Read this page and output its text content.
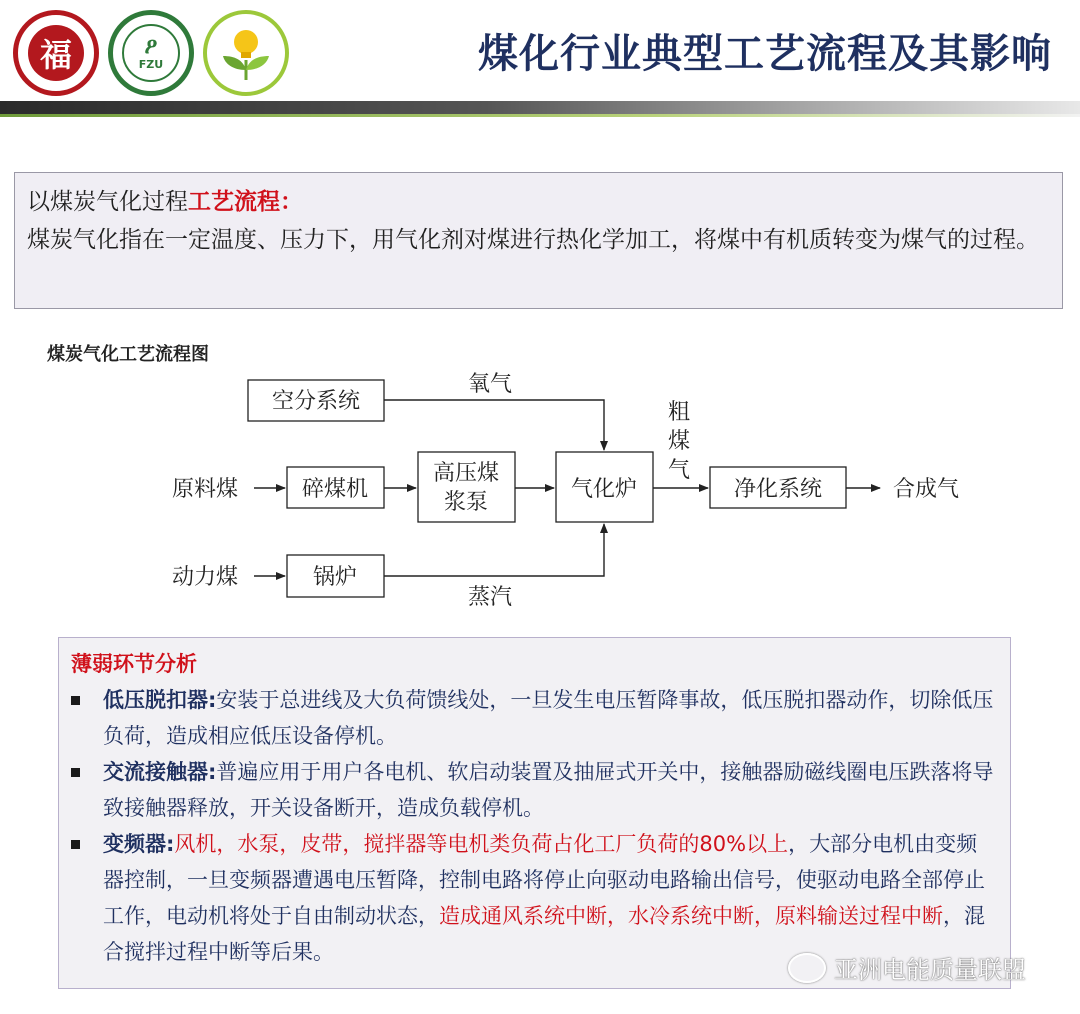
福	ዖ
FZU	煤化行业典型工艺流程及其影响
以煤炭气化过程工艺流程：
煤炭气化指在一定温度、压力下，用气化剂对煤进行热化学加工，将煤中有机质转变为煤气的过程。
煤炭气化工艺流程图
空分系统
碎煤机
高压煤
浆泵
气化炉	净化系统
锅炉
原料煤
动力煤
氧气
蒸汽
粗
煤
气
合成气
薄弱环节分析
低压脱扣器:安装于总进线及大负荷馈线处，一旦发生电压暂降事故，低压脱扣器动作，切除低压负荷，造成相应低压设备停机。
交流接触器:普遍应用于用户各电机、软启动装置及抽屉式开关中，接触器励磁线圈电压跌落将导致接触器释放，开关设备断开，造成负载停机。
变频器:风机，水泵，皮带，搅拌器等电机类负荷占化工厂负荷的80%以上，大部分电机由变频器控制，一旦变频器遭遇电压暂降，控制电路将停止向驱动电路输出信号，使驱动电路全部停止工作，电动机将处于自由制动状态，造成通风系统中断，水冷系统中断，原料输送过程中断，混合搅拌过程中断等后果。
亚洲电能质量联盟
